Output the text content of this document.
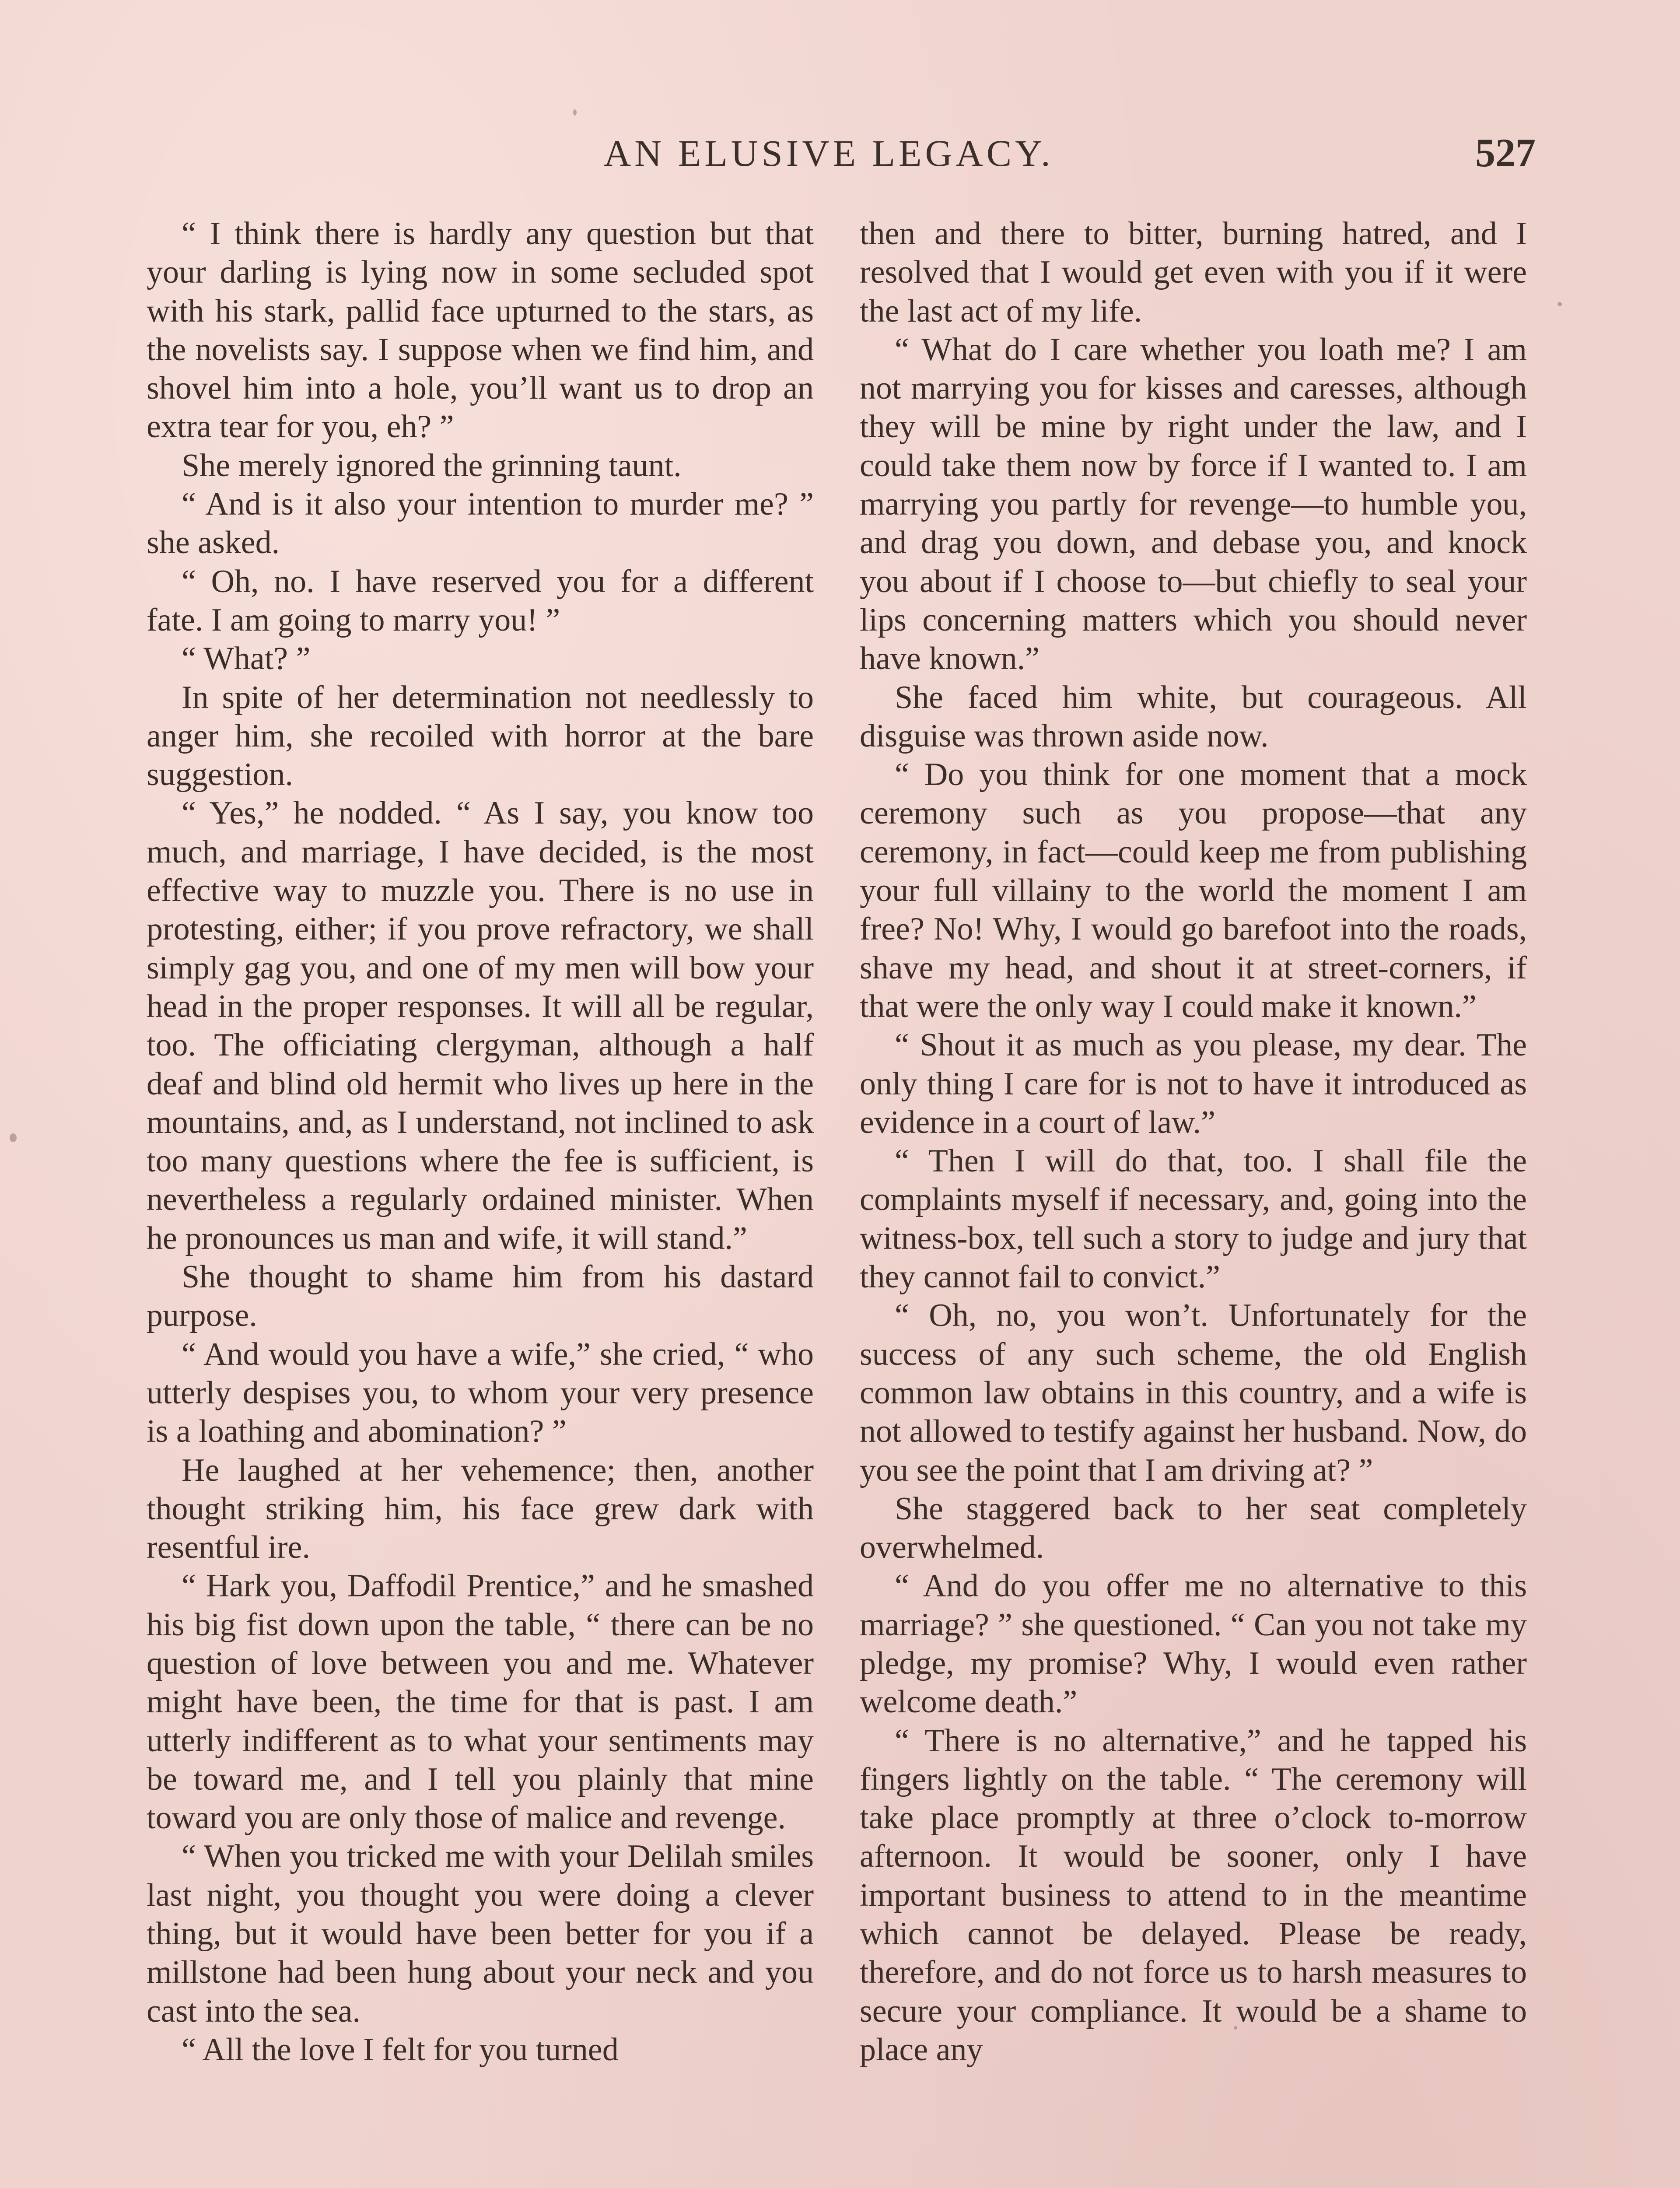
AN ELUSIVE LEGACY.	527

“ I think there is hardly any question but that your darling is lying now in some secluded spot with his stark, pallid face upturned to the stars, as the novelists say. I suppose when we find him, and shovel him into a hole, you’ll want us to drop an extra tear for you, eh? ”

She merely ignored the grinning taunt.

“ And is it also your intention to murder me? ” she asked.

“ Oh, no. I have reserved you for a different fate. I am going to marry you! ”

“ What? ”

In spite of her determination not needlessly to anger him, she recoiled with horror at the bare suggestion.

“ Yes,” he nodded. “ As I say, you know too much, and marriage, I have decided, is the most effective way to muzzle you. There is no use in protesting, either; if you prove refractory, we shall simply gag you, and one of my men will bow your head in the proper responses. It will all be regular, too. The officiating clergyman, although a half deaf and blind old hermit who lives up here in the mountains, and, as I understand, not inclined to ask too many questions where the fee is sufficient, is nevertheless a regularly ordained minister. When he pronounces us man and wife, it will stand.”

She thought to shame him from his dastard purpose.

“ And would you have a wife,” she cried, “ who utterly despises you, to whom your very presence is a loathing and abomination? ”

He laughed at her vehemence; then, another thought striking him, his face grew dark with resentful ire.

“ Hark you, Daffodil Prentice,” and he smashed his big fist down upon the table, “ there can be no question of love between you and me. Whatever might have been, the time for that is past. I am utterly indifferent as to what your sentiments may be toward me, and I tell you plainly that mine toward you are only those of malice and revenge.

“ When you tricked me with your Delilah smiles last night, you thought you were doing a clever thing, but it would have been better for you if a millstone had been hung about your neck and you cast into the sea.

“ All the love I felt for you turned

then and there to bitter, burning hatred, and I resolved that I would get even with you if it were the last act of my life.

“ What do I care whether you loath me? I am not marrying you for kisses and caresses, although they will be mine by right under the law, and I could take them now by force if I wanted to. I am marrying you partly for revenge—to humble you, and drag you down, and debase you, and knock you about if I choose to—but chiefly to seal your lips concerning matters which you should never have known.”

She faced him white, but courageous. All disguise was thrown aside now.

“ Do you think for one moment that a mock ceremony such as you propose—that any ceremony, in fact—could keep me from publishing your full villainy to the world the moment I am free? No! Why, I would go barefoot into the roads, shave my head, and shout it at street-corners, if that were the only way I could make it known.”

“ Shout it as much as you please, my dear. The only thing I care for is not to have it introduced as evidence in a court of law.”

“ Then I will do that, too. I shall file the complaints myself if necessary, and, going into the witness-box, tell such a story to judge and jury that they cannot fail to convict.”

“ Oh, no, you won’t. Unfortunately for the success of any such scheme, the old English common law obtains in this country, and a wife is not allowed to testify against her husband. Now, do you see the point that I am driving at? ”

She staggered back to her seat completely overwhelmed.

“ And do you offer me no alternative to this marriage? ” she questioned. “ Can you not take my pledge, my promise? Why, I would even rather welcome death.”

“ There is no alternative,” and he tapped his fingers lightly on the table. “ The ceremony will take place promptly at three o’clock to-morrow afternoon. It would be sooner, only I have important business to attend to in the meantime which cannot be delayed. Please be ready, therefore, and do not force us to harsh measures to secure your compliance. It would be a shame to place any
